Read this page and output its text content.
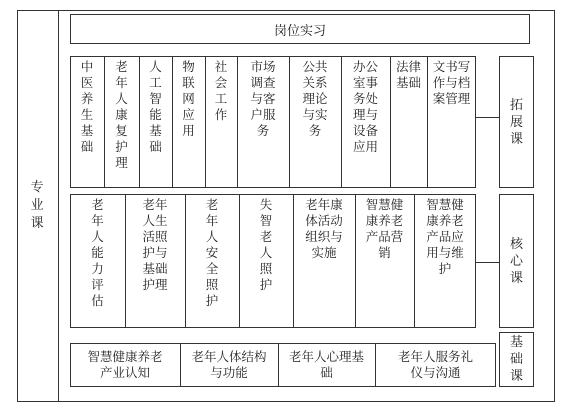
专业课
岗位实习
中医养生基础
老年人康复护理
人工智能基础
物联网应用
社会工作
市场调查与客户服务
公共关系理论与实务
办公室事务处理与设备应用
法律基础
文书写作与档案管理
老年人能力评估
老年人生活照护与基础护理
老年人安全照护
失智老人照护
老年康体活动组织与实施
智慧健康养老产品营销
智慧健康养老产品应用与维护
智慧健康养老产业认知
老年人体结构与功能
老年人心理基础
老年人服务礼仪与沟通
拓展课
核心课
基础课
